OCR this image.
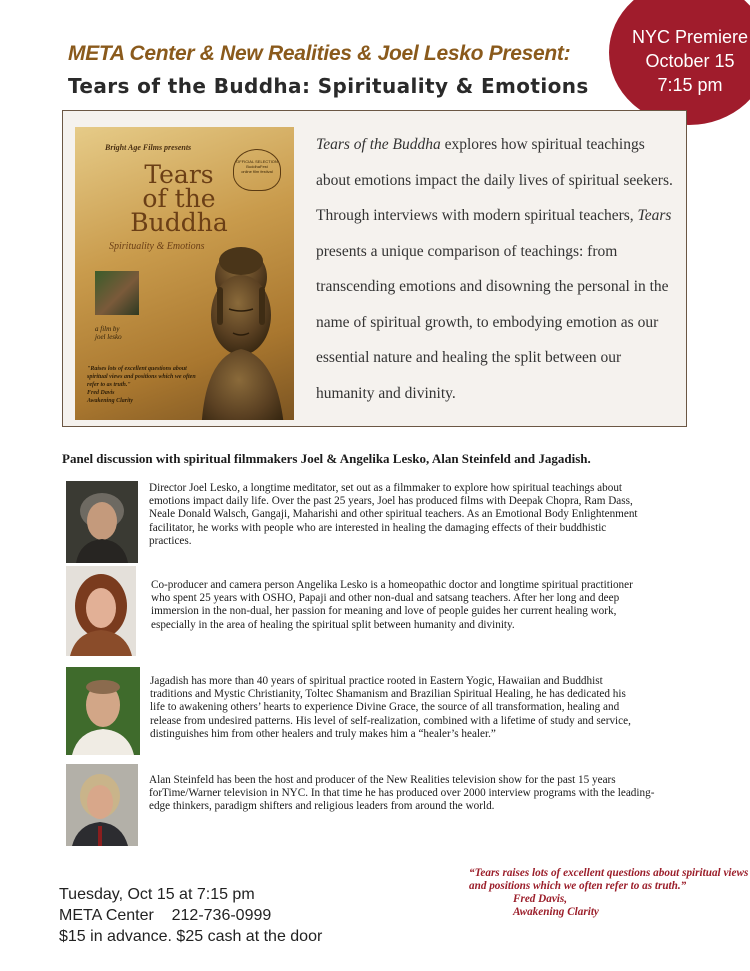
META Center & New Realities & Joel Lesko Present:
Tears of the Buddha: Spirituality & Emotions
NYC Premiere
October 15
7:15 pm
Bright Age Films presents
Tears
of the
Buddha
Spirituality & Emotions
OFFICIAL SELECTION
BuddhaFest
online film festival
a film by
joel lesko
"Raises lots of excellent questions about spiritual views and positions which we often refer to as truth."
Fred Davis
Awakening Clarity
Tears of the Buddha explores how spiritual teachings about emotions impact the daily lives of spiritual seekers. Through interviews with modern spiritual teachers, Tears presents a unique comparison of teachings: from transcending emotions and disowning the personal in the name of spiritual growth, to embodying emotion as our essential nature and healing the split between our humanity and divinity.
Panel discussion with spiritual filmmakers Joel & Angelika Lesko, Alan Steinfeld and Jagadish.
Director Joel Lesko, a longtime meditator, set out as a filmmaker to explore how spiritual teachings about emotions impact daily life. Over the past 25 years, Joel has produced films with Deepak Chopra, Ram Dass, Neale Donald Walsch, Gangaji, Maharishi and other spiritual teachers. As an Emotional Body Enlightenment facilitator, he works with people who are interested in healing the damaging effects of their buddhistic practices.
Co-producer and camera person Angelika Lesko is a homeopathic doctor and longtime spiritual practitioner who spent 25 years with OSHO, Papaji and other non-dual and satsang teachers. After her long and deep immersion in the non-dual, her passion for meaning and love of people guides her current healing work, especially in the area of healing the spiritual split between humanity and divinity.
Jagadish has more than 40 years of spiritual practice rooted in Eastern Yogic, Hawaiian and Buddhist traditions and Mystic Christianity, Toltec Shamanism and Brazilian Spiritual Healing, he has dedicated his life to awakening others’ hearts to experience Divine Grace, the source of all transformation, healing and release from undesired patterns. His level of self-realization, combined with a lifetime of study and service, distinguishes him from other healers and truly makes him a “healer’s healer.”
Alan Steinfeld has been the host and producer of the New Realities television show for the past 15 years forTime/Warner television in NYC. In that time he has produced over 2000 interview programs with the leading-edge thinkers, paradigm shifters and religious leaders from around the world.
Tuesday, Oct 15 at 7:15 pm
META Center    212-736-0999
$15 in advance. $25 cash at the door
“Tears raises lots of excellent questions about spiritual views and positions which we often refer to as truth.”
Fred Davis,
Awakening Clarity
